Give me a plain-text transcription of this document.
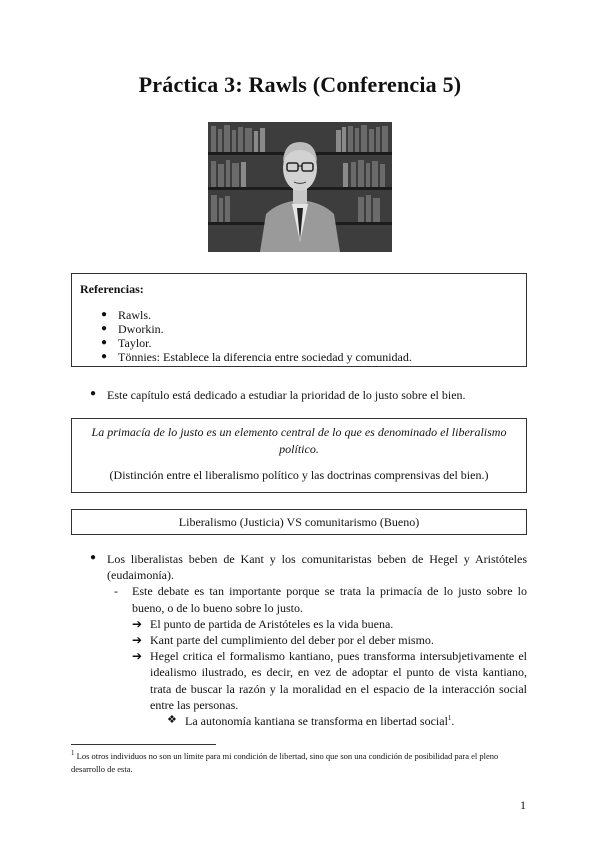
Práctica 3: Rawls (Conferencia 5)

Referencias:

● Rawls.
● Dworkin.
● Taylor.
● Tönnies: Establece la diferencia entre sociedad y comunidad.
● Este capítulo está dedicado a estudiar la prioridad de lo justo sobre el bien.

La primacía de lo justo es un elemento central de lo que es denominado el liberalismo político.

(Distinción entre el liberalismo político y las doctrinas comprensivas del bien.)

Liberalismo (Justicia) VS comunitarismo (Bueno)
● Los liberalistas beben de Kant y los comunitaristas beben de Hegel y Aristóteles (eudaimonía).
- Este debate es tan importante porque se trata la primacía de lo justo sobre lo bueno, o de lo bueno sobre lo justo.
➔ El punto de partida de Aristóteles es la vida buena.
➔ Kant parte del cumplimiento del deber por el deber mismo.
➔ Hegel critica el formalismo kantiano, pues transforma intersubjetivamente el idealismo ilustrado, es decir, en vez de adoptar el punto de vista kantiano, trata de buscar la razón y la moralidad en el espacio de la interacción social entre las personas.
❖ La autonomía kantiana se transforma en libertad social$^1$.

$^1$ Los otros individuos no son un límite para mi condición de libertad, sino que son una condición de posibilidad para el pleno desarrollo de esta.

1
